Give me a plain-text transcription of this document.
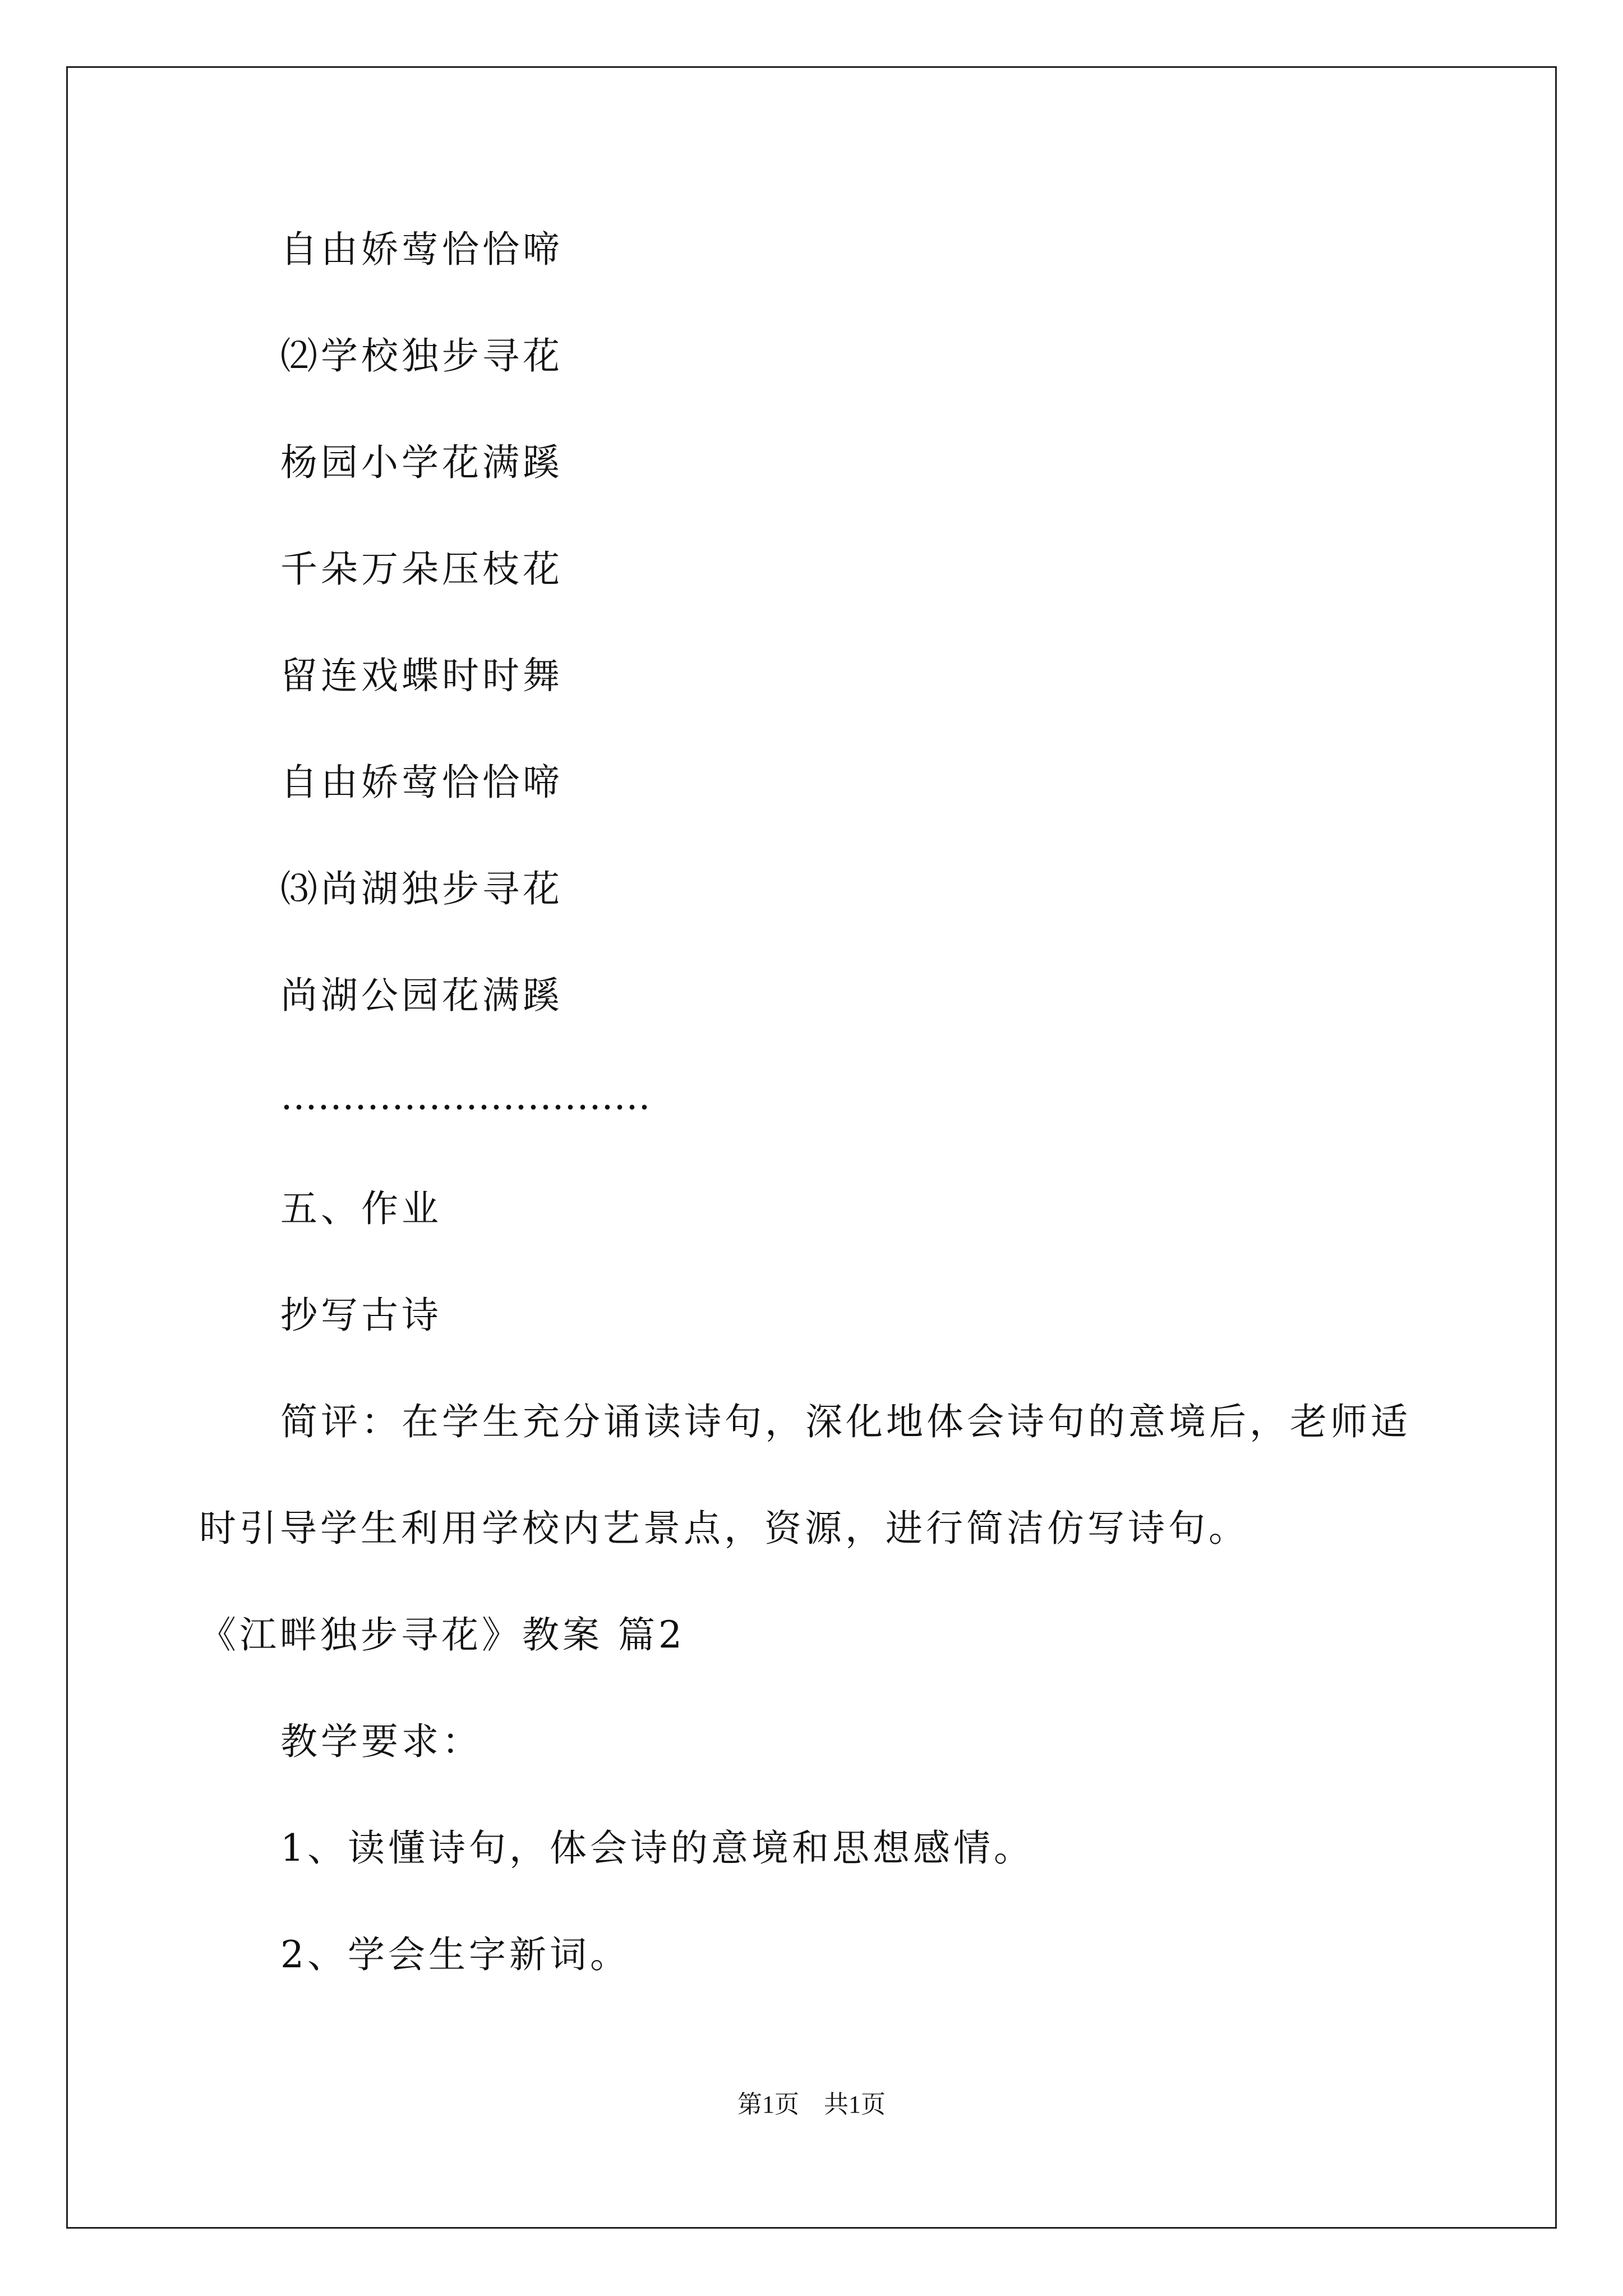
自由娇莺恰恰啼
⑵学校独步寻花
杨园小学花满蹊
千朵万朵压枝花
留连戏蝶时时舞
自由娇莺恰恰啼
⑶尚湖独步寻花
尚湖公园花满蹊
…………………………
五、作业
抄写古诗
简评：在学生充分诵读诗句，深化地体会诗句的意境后，老师适
时引导学生利用学校内艺景点，资源，进行简洁仿写诗句。
《江畔独步寻花》教案 篇2
教学要求：
1、读懂诗句，体会诗的意境和思想感情。
2、学会生字新词。
第1页　共1页
